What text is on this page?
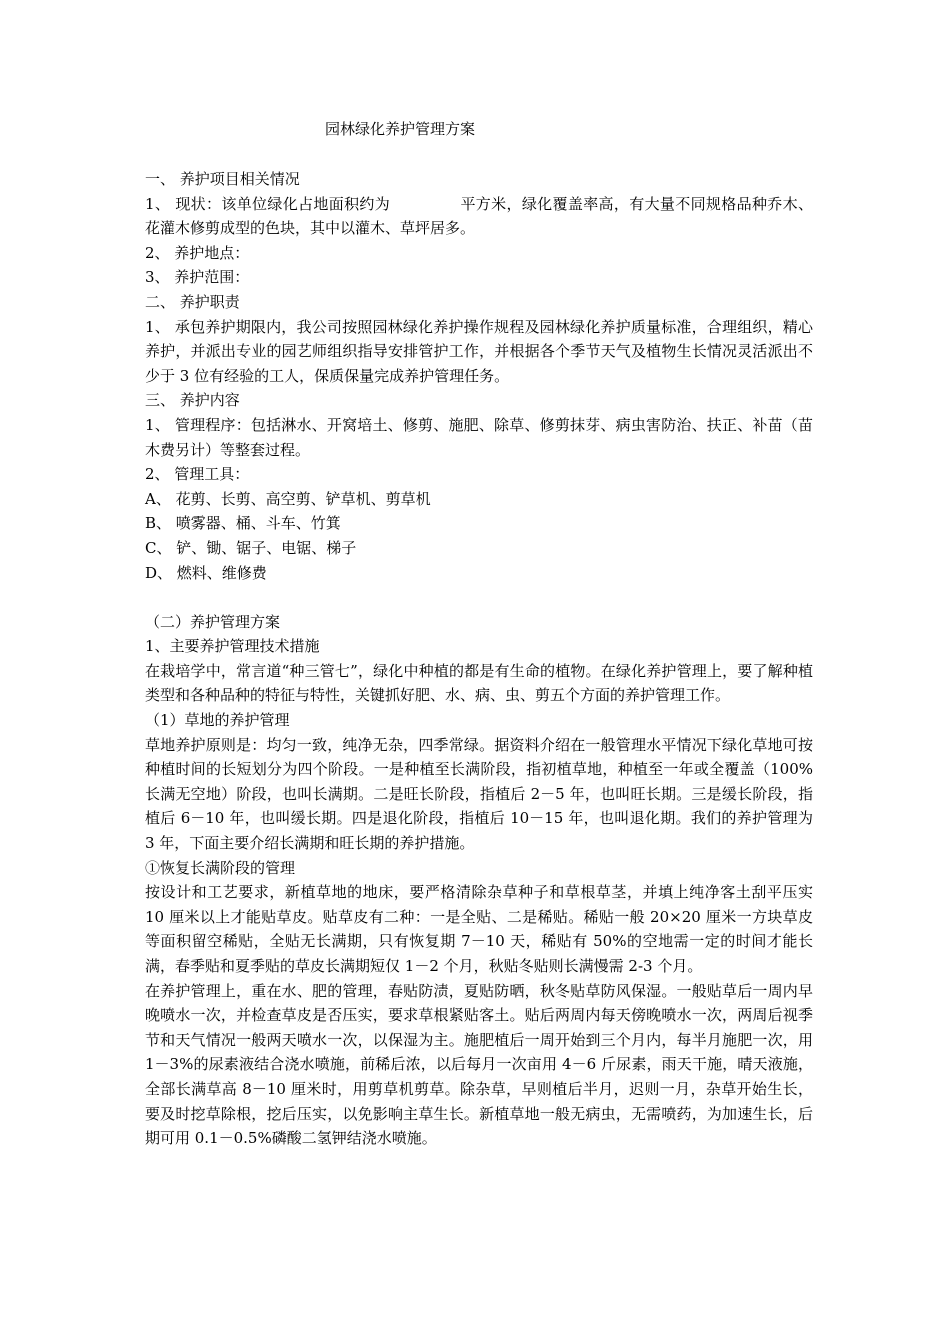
园林绿化养护管理方案
一、 养护项目相关情况
1、 现状：该单位绿化占地面积约为	平方米，绿化覆盖率高，有大量不同规格品种乔木、花灌木修剪成型的色块，其中以灌木、草坪居多。
2、 养护地点：
3、 养护范围：
二、 养护职责
1、 承包养护期限内，我公司按照园林绿化养护操作规程及园林绿化养护质量标准，合理组织，精心养护，并派出专业的园艺师组织指导安排管护工作，并根据各个季节天气及植物生长情况灵活派出不少于 3 位有经验的工人，保质保量完成养护管理任务。
三、 养护内容
1、 管理程序：包括淋水、开窝培土、修剪、施肥、除草、修剪抹芽、病虫害防治、扶正、补苗（苗木费另计）等整套过程。
2、 管理工具：
A、 花剪、长剪、高空剪、铲草机、剪草机
B、 喷雾器、桶、斗车、竹箕
C、 铲、锄、锯子、电锯、梯子
D、 燃料、维修费
（二）养护管理方案
1、主要养护管理技术措施
在栽培学中，常言道“种三管七”，绿化中种植的都是有生命的植物。在绿化养护管理上，要了解种植类型和各种品种的特征与特性，关键抓好肥、水、病、虫、剪五个方面的养护管理工作。
（1）草地的养护管理
草地养护原则是：均匀一致，纯净无杂，四季常绿。据资料介绍在一般管理水平情况下绿化草地可按种植时间的长短划分为四个阶段。一是种植至长满阶段，指初植草地，种植至一年或全覆盖（100%长满无空地）阶段，也叫长满期。二是旺长阶段，指植后 2－5 年，也叫旺长期。三是缓长阶段，指植后 6－10 年，也叫缓长期。四是退化阶段，指植后 10－15 年，也叫退化期。我们的养护管理为 3 年，下面主要介绍长满期和旺长期的养护措施。
①恢复长满阶段的管理
按设计和工艺要求，新植草地的地床，要严格清除杂草种子和草根草茎，并填上纯净客土刮平压实 10 厘米以上才能贴草皮。贴草皮有二种：一是全贴、二是稀贴。稀贴一般 20×20 厘米一方块草皮等面积留空稀贴，全贴无长满期，只有恢复期 7－10 天，稀贴有 50%的空地需一定的时间才能长满，春季贴和夏季贴的草皮长满期短仅 1－2 个月，秋贴冬贴则长满慢需 2-3 个月。
在养护管理上，重在水、肥的管理，春贴防渍，夏贴防晒，秋冬贴草防风保湿。一般贴草后一周内早晚喷水一次，并检查草皮是否压实，要求草根紧贴客土。贴后两周内每天傍晚喷水一次，两周后视季节和天气情况一般两天喷水一次，以保湿为主。施肥植后一周开始到三个月内，每半月施肥一次，用 1－3%的尿素液结合浇水喷施，前稀后浓，以后每月一次亩用 4－6 斤尿素，雨天干施，晴天液施，全部长满草高 8－10 厘米时，用剪草机剪草。除杂草，早则植后半月，迟则一月，杂草开始生长，要及时挖草除根，挖后压实，以免影响主草生长。新植草地一般无病虫，无需喷药，为加速生长，后期可用 0.1－0.5%磷酸二氢钾结浇水喷施。
